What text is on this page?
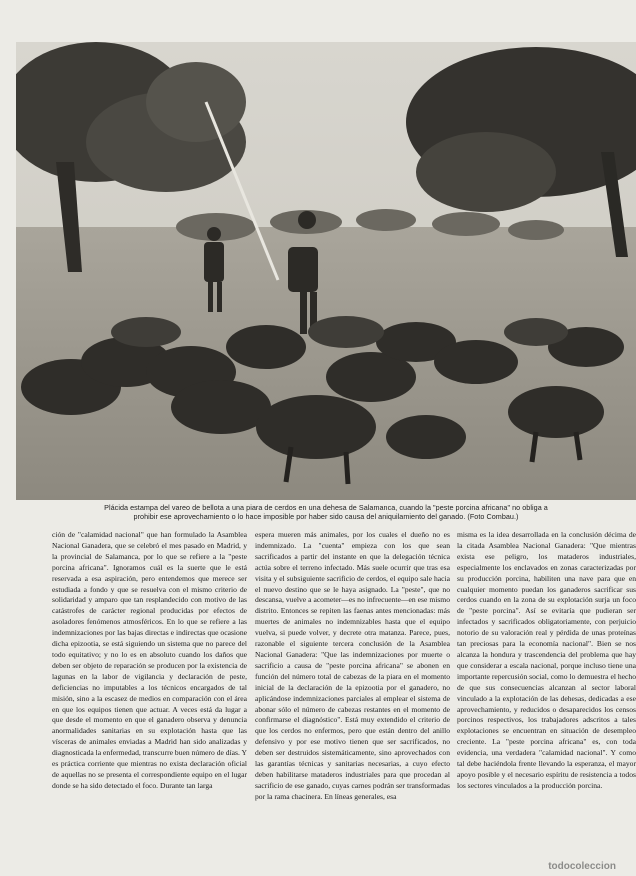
Plácida estampa del vareo de bellota a una piara de cerdos en una dehesa de Salamanca, cuando la "peste porcina africana" no obliga a
prohibir ese aprovechamiento o lo hace imposible por haber sido causa del aniquilamiento del ganado. (Foto Combau.)

ción de "calamidad nacional" que han formulado la Asamblea Nacional Ganadera, que se celebró el mes pasado en Madrid, y la provincial de Salamanca, por lo que se refiere a la "peste porcina africana". Ignoramos cuál es la suerte que le está reservada a esa aspiración, pero entendemos que merece ser estudiada a fondo y que se resuelva con el mismo criterio de solidaridad y amparo que tan resplandecido con motivo de las catástrofes de carácter regional producidas por efectos de asoladores fenómenos atmosféricos. En lo que se refiere a las indemnizaciones por las bajas directas e indirectas que ocasione dicha epizootia, se está siguiendo un sistema que no parece del todo equitativo; y no lo es en absoluto cuando los daños que deben ser objeto de reparación se producen por la existencia de lagunas en la labor de vigilancia y declaración de peste, deficiencias no imputables a los técnicos encargados de tal misión, sino a la escasez de medios en comparación con el área en que los equipos tienen que actuar. A veces está da lugar a que desde el momento en que el ganadero observa y denuncia anormalidades sanitarias en su explotación hasta que las vísceras de animales enviadas a Madrid han sido analizadas y diagnosticada la enfermedad, transcurre buen número de días. Y es práctica corriente que mientras no exista declaración oficial de aquellas no se presenta el correspondiente equipo en el lugar donde se ha sido detectado el foco. Durante tan larga

espera mueren más animales, por los cuales el dueño no es indemnizado. La "cuenta" empieza con los que sean sacrificados a partir del instante en que la delegación técnica actúa sobre el terreno infectado. Más suele ocurrir que tras esa visita y el subsiguiente sacrificio de cerdos, el equipo sale hacia el nuevo destino que se le haya asignado. La "peste", que no descansa, vuelve a acometer—es no infrecuente—en ese mismo distrito. Entonces se repiten las faenas antes mencionadas: más muertes de animales no indemnizables hasta que el equipo vuelva, si puede volver, y decrete otra matanza. Parece, pues, razonable el siguiente tercera conclusión de la Asamblea Nacional Ganadera: "Que las indemnizaciones por muerte o sacrificio a causa de "peste porcina africana" se abonen en función del número total de cabezas de la piara en el momento inicial de la declaración de la epizootia por el ganadero, no aplicándose indemnizaciones parciales al emplear el sistema de abonar sólo el número de cabezas restantes en el momento de confirmarse el diagnóstico". Está muy extendido el criterio de que los cerdos no enfermos, pero que están dentro del anillo defensivo y por ese motivo tienen que ser sacrificados, no deben ser destruidos sistemáticamente, sino aprovechados con las garantías técnicas y sanitarias necesarias, a cuyo efecto deben habilitarse mataderos industriales para que procedan al sacrificio de ese ganado, cuyas carnes podrán ser transformadas por la rama chacinera. En líneas generales, esa

misma es la idea desarrollada en la conclusión décima de la citada Asamblea Nacional Ganadera: "Que mientras exista ese peligro, los mataderos industriales, especialmente los enclavados en zonas caracterizadas por su producción porcina, habiliten una nave para que en cualquier momento puedan los ganaderos sacrificar sus cerdos cuando en la zona de su explotación surja un foco de "peste porcina". Así se evitaría que pudieran ser infectados y sacrificados obligatoriamente, con perjuicio notorio de su valoración real y pérdida de unas proteínas tan preciosas para la economía nacional". Bien se nos alcanza la hondura y trascendencia del problema que hay que considerar a escala nacional, porque incluso tiene una importante repercusión social, como lo demuestra el hecho de que sus consecuencias alcanzan al sector laboral vinculado a la explotación de las dehesas, dedicadas a ese aprovechamiento, y reducidos o desaparecidos los censos porcinos respectivos, los trabajadores adscritos a tales explotaciones se encuentran en situación de desempleo creciente. La "peste porcina africana" es, con toda evidencia, una verdadera "calamidad nacional". Y como tal debe haciéndola frente llevando la esperanza, el mayor apoyo posible y el necesario espíritu de resistencia a todos los sectores vinculados a la producción porcina.

todocoleccion
